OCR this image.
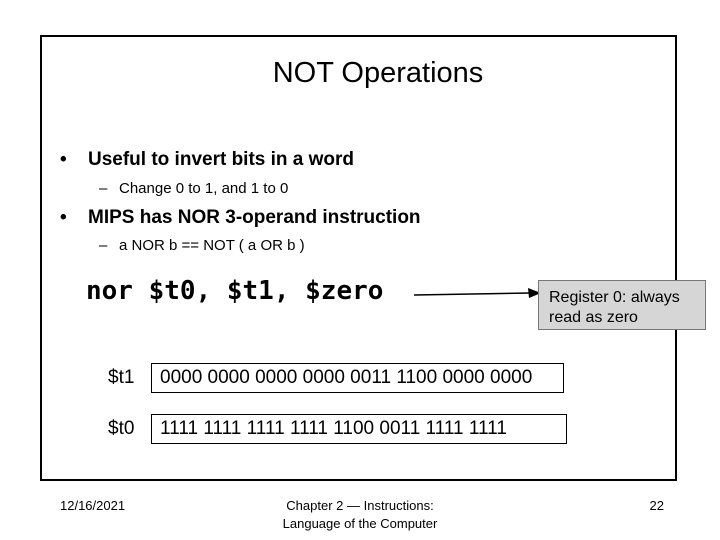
NOT Operations
• Useful to invert bits in a word
– Change 0 to 1, and 1 to 0
• MIPS has NOR 3-operand instruction
– a NOR b == NOT ( a OR b )
nor $t0, $t1, $zero	Register 0: always
read as zero
$t1	0000 0000 0000 0000 0011 1100 0000 0000
$t0	1111 1111 1111 1111 1100 0011 1111 1111
12/16/2021	Chapter 2 — Instructions:
Language of the Computer
22
